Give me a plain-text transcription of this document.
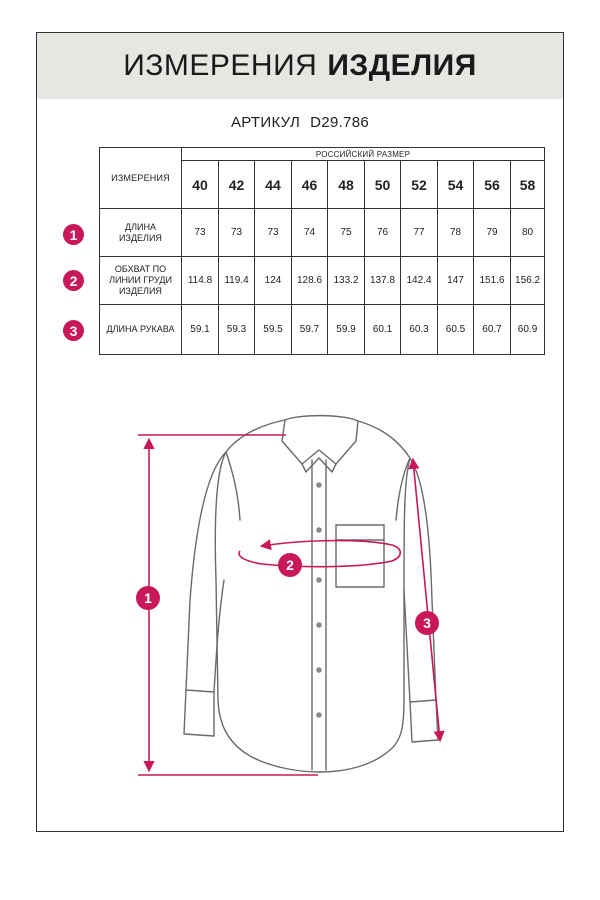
ИЗМЕРЕНИЯ ИЗДЕЛИЯ
АРТИКУЛ D29.786
1
2
3
ИЗМЕРЕНИЯ	РОССИЙСКИЙ РАЗМЕР									
	40	42	44	46	48	50	52	54	56	58
ДЛИНА ИЗДЕЛИЯ	73	73	73	74	75	76	77	78	79	80
ОБХВАТ ПО ЛИНИИ ГРУДИ ИЗДЕЛИЯ	114.8	119.4	124	128.6	133.2	137.8	142.4	147	151.6	156.2
ДЛИНА РУКАВА	59.1	59.3	59.5	59.7	59.9	60.1	60.3	60.5	60.7	60.9
1
2
3
